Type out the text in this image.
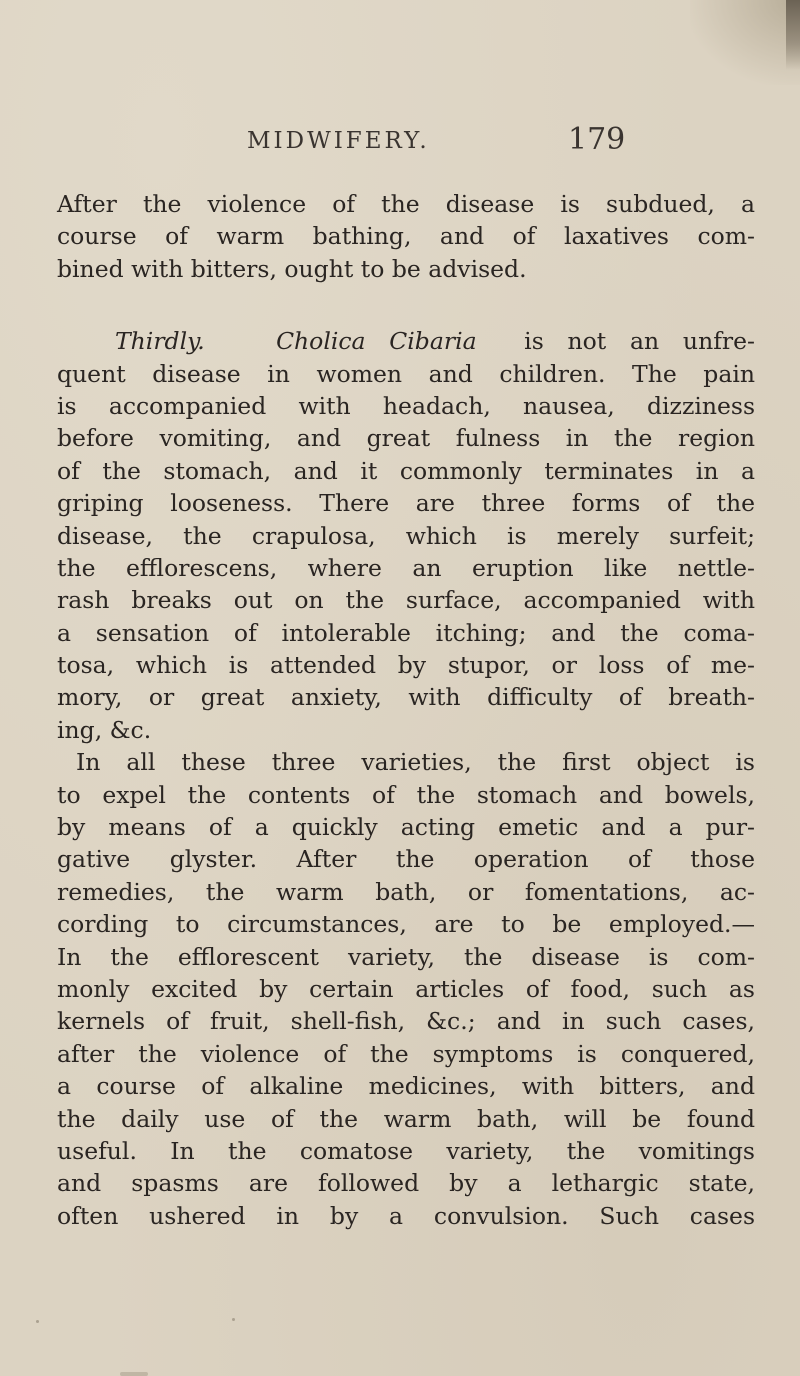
MIDWIFERY.	179
After the violence of the disease is subdued, a
course of warm bathing, and of laxatives com-
bined with bitters, ought to be advised.
Thirdly.	Cholica Cibaria is not an unfre-
quent disease in women and children. The pain
is accompanied with headach, nausea, dizziness
before vomiting, and great fulness in the region
of the stomach, and it commonly terminates in a
griping looseness. There are three forms of the
disease, the crapulosa, which is merely surfeit;
the efflorescens, where an eruption like nettle-
rash breaks out on the surface, accompanied with
a sensation of intolerable itching; and the coma-
tosa, which is attended by stupor, or loss of me-
mory, or great anxiety, with difficulty of breath-
ing, &c.
In all these three varieties, the first object is
to expel the contents of the stomach and bowels,
by means of a quickly acting emetic and a pur-
gative glyster. After the operation of those
remedies, the warm bath, or fomentations, ac-
cording to circumstances, are to be employed.—
In the efflorescent variety, the disease is com-
monly excited by certain articles of food, such as
kernels of fruit, shell-fish, &c.; and in such cases,
after the violence of the symptoms is conquered,
a course of alkaline medicines, with bitters, and
the daily use of the warm bath, will be found
useful. In the comatose variety, the vomitings
and spasms are followed by a lethargic state,
often ushered in by a convulsion. Such cases
